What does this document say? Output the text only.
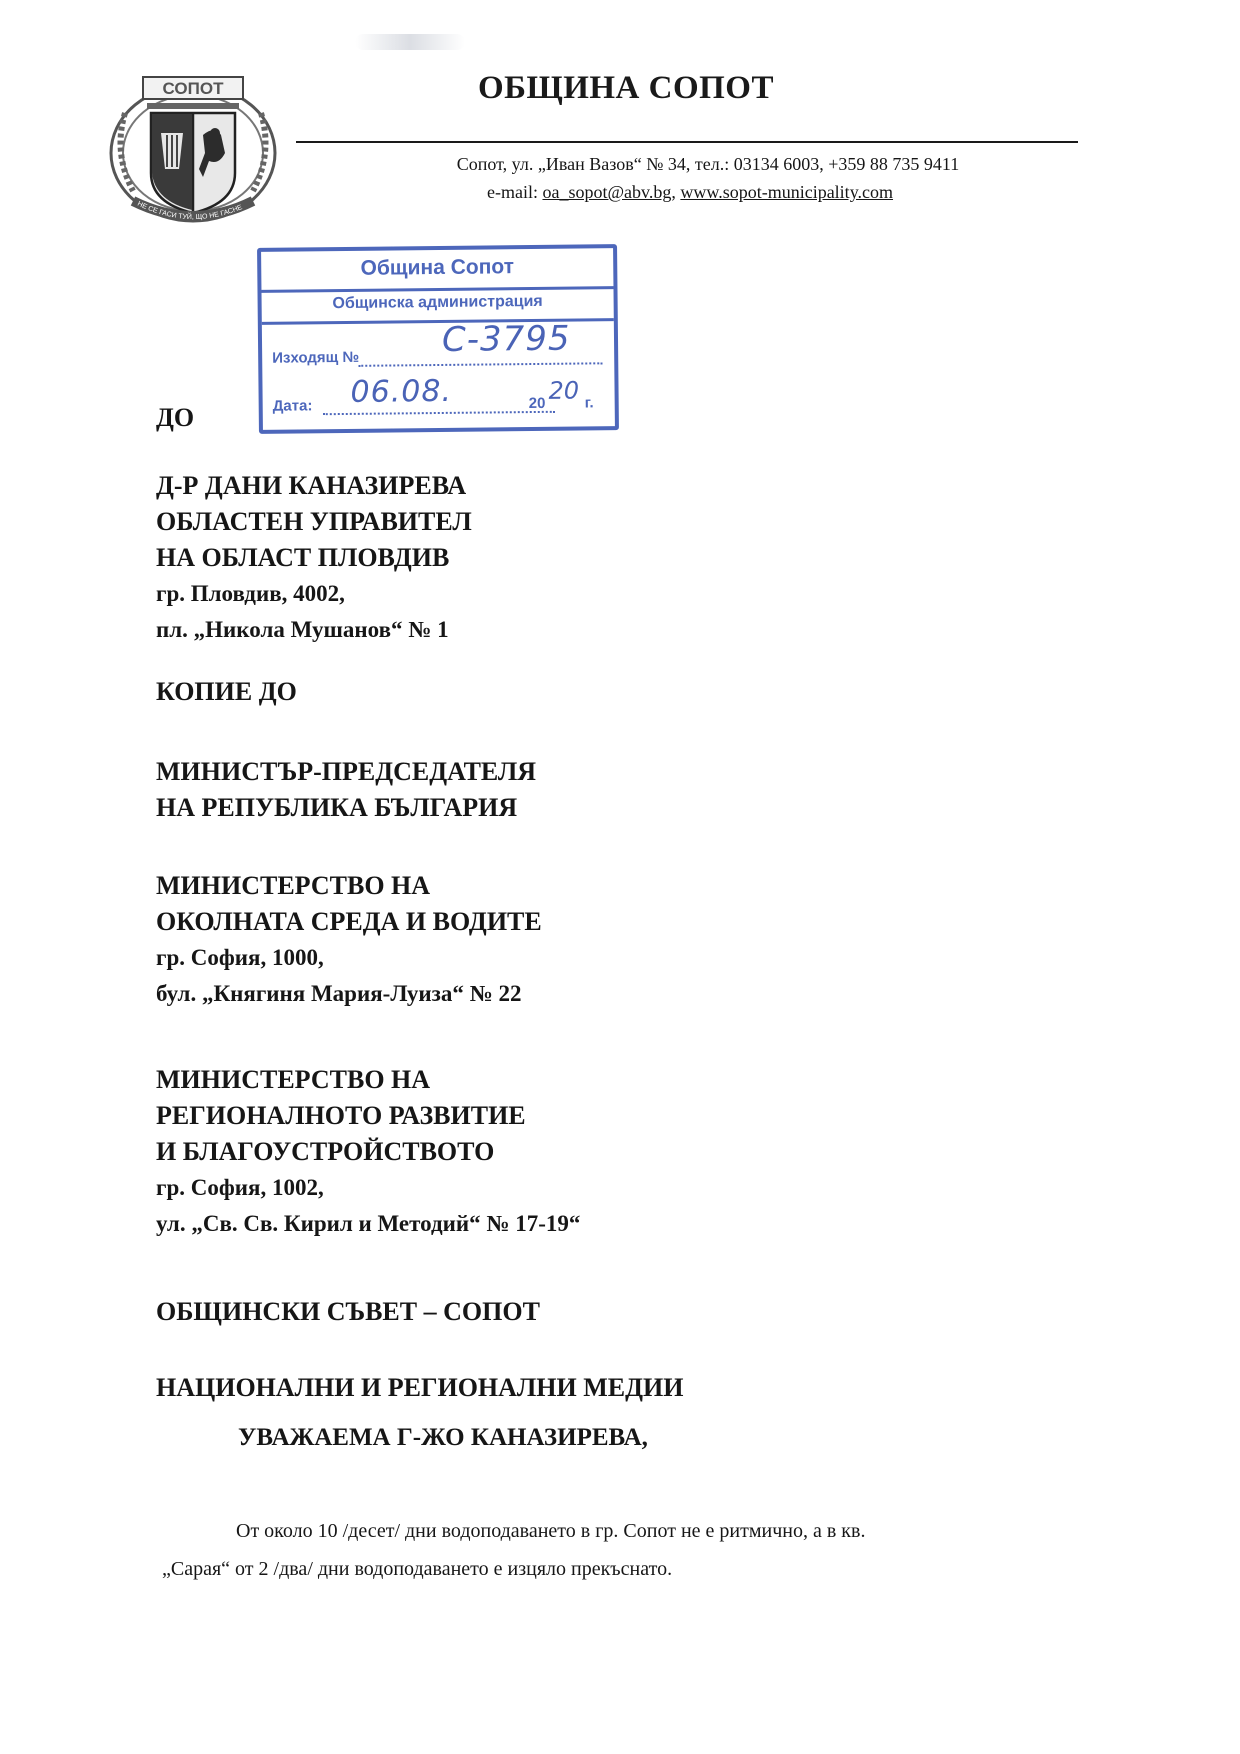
СОПОТ
НЕ СЕ ГАСИ ТУЙ, ЩО НЕ ГАСНЕ
ОБЩИНА СОПОТ
Сопот, ул. „Иван Вазов“ № 34, тел.: 03134 6003, +359 88 735 9411
e-mail: oa_sopot@abv.bg, www.sopot-municipality.com
Община Сопот
Общинска администрация
Изходящ № С-3795
Дата: 06.08.	20 20 г.

ДО

Д-Р ДАНИ КАНАЗИРЕВА
ОБЛАСТЕН УПРАВИТЕЛ
НА ОБЛАСТ ПЛОВДИВ
гр. Пловдив, 4002,
пл. „Никола Мушанов“ № 1

КОПИЕ ДО

МИНИСТЪР-ПРЕДСЕДАТЕЛЯ
НА РЕПУБЛИКА БЪЛГАРИЯ
МИНИСТЕРСТВО НА
ОКОЛНАТА СРЕДА И ВОДИТЕ
гр. София, 1000,
бул. „Княгиня Мария-Луиза“ № 22
МИНИСТЕРСТВО НА
РЕГИОНАЛНОТО РАЗВИТИЕ
И БЛАГОУСТРОЙСТВОТО
гр. София, 1002,
ул. „Св. Св. Кирил и Методий“ № 17-19“

ОБЩИНСКИ СЪВЕТ – СОПОТ

НАЦИОНАЛНИ И РЕГИОНАЛНИ МЕДИИ

УВАЖАЕМА Г-ЖО КАНАЗИРЕВА,

От около 10 /десет/ дни водоподаването в гр. Сопот не е ритмично, а в кв.
„Сарая“ от 2 /два/ дни водоподаването е изцяло прекъснато.
